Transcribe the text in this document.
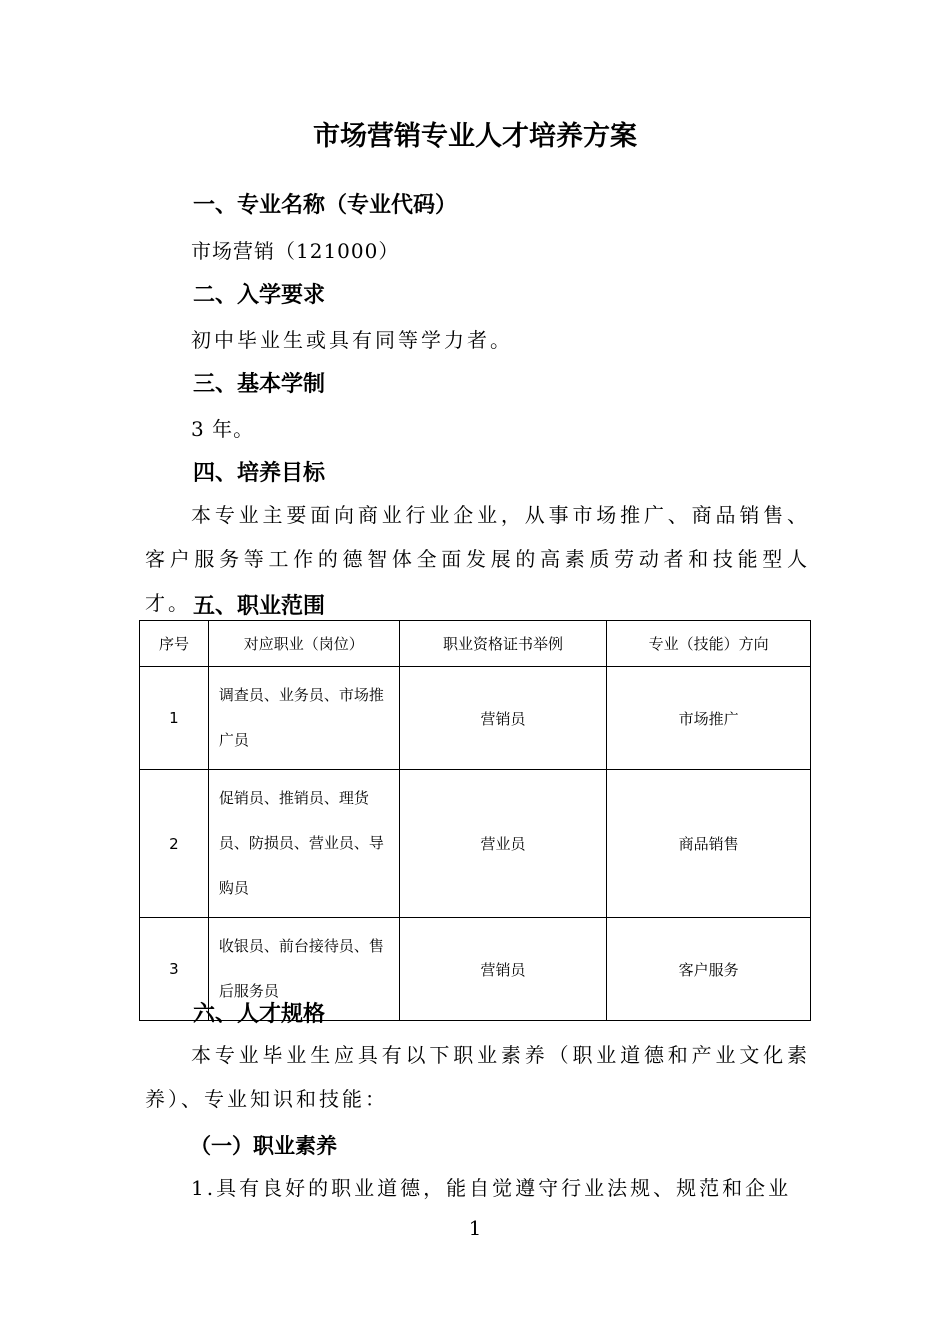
市场营销专业人才培养方案
一、专业名称（专业代码）
市场营销（121000）
二、入学要求
初中毕业生或具有同等学力者。
三、基本学制
3 年。
四、培养目标
本专业主要面向商业行业企业，从事市场推广、商品销售、客户服务等工作的德智体全面发展的高素质劳动者和技能型人才。 五、职业范围
序号	对应职业（岗位）	职业资格证书举例	专业（技能）方向
1	调查员、业务员、市场推广员	营销员	市场推广
2	促销员、推销员、理货员、防损员、营业员、导购员	营业员	商品销售
3	收银员、前台接待员、售后服务员	营销员	客户服务
六、人才规格
本专业毕业生应具有以下职业素养（职业道德和产业文化素养）、专业知识和技能：
（一）职业素养
1.具有良好的职业道德，能自觉遵守行业法规、规范和企业
1
